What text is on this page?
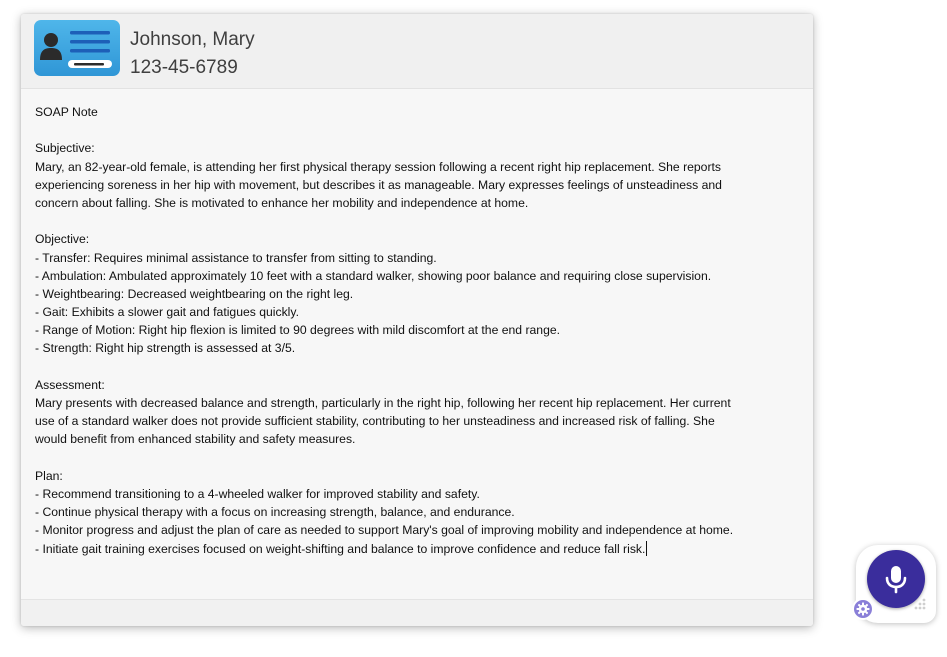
Johnson, Mary
123-45-6789
SOAP Note
Subjective:
Mary, an 82-year-old female, is attending her first physical therapy session following a recent right hip replacement. She reports
experiencing soreness in her hip with movement, but describes it as manageable. Mary expresses feelings of unsteadiness and
concern about falling. She is motivated to enhance her mobility and independence at home.
Objective:
- Transfer: Requires minimal assistance to transfer from sitting to standing.
- Ambulation: Ambulated approximately 10 feet with a standard walker, showing poor balance and requiring close supervision.
- Weightbearing: Decreased weightbearing on the right leg.
- Gait: Exhibits a slower gait and fatigues quickly.
- Range of Motion: Right hip flexion is limited to 90 degrees with mild discomfort at the end range.
- Strength: Right hip strength is assessed at 3/5.
Assessment:
Mary presents with decreased balance and strength, particularly in the right hip, following her recent hip replacement. Her current
use of a standard walker does not provide sufficient stability, contributing to her unsteadiness and increased risk of falling. She
would benefit from enhanced stability and safety measures.
Plan:
- Recommend transitioning to a 4-wheeled walker for improved stability and safety.
- Continue physical therapy with a focus on increasing strength, balance, and endurance.
- Monitor progress and adjust the plan of care as needed to support Mary's goal of improving mobility and independence at home.
- Initiate gait training exercises focused on weight-shifting and balance to improve confidence and reduce fall risk.
